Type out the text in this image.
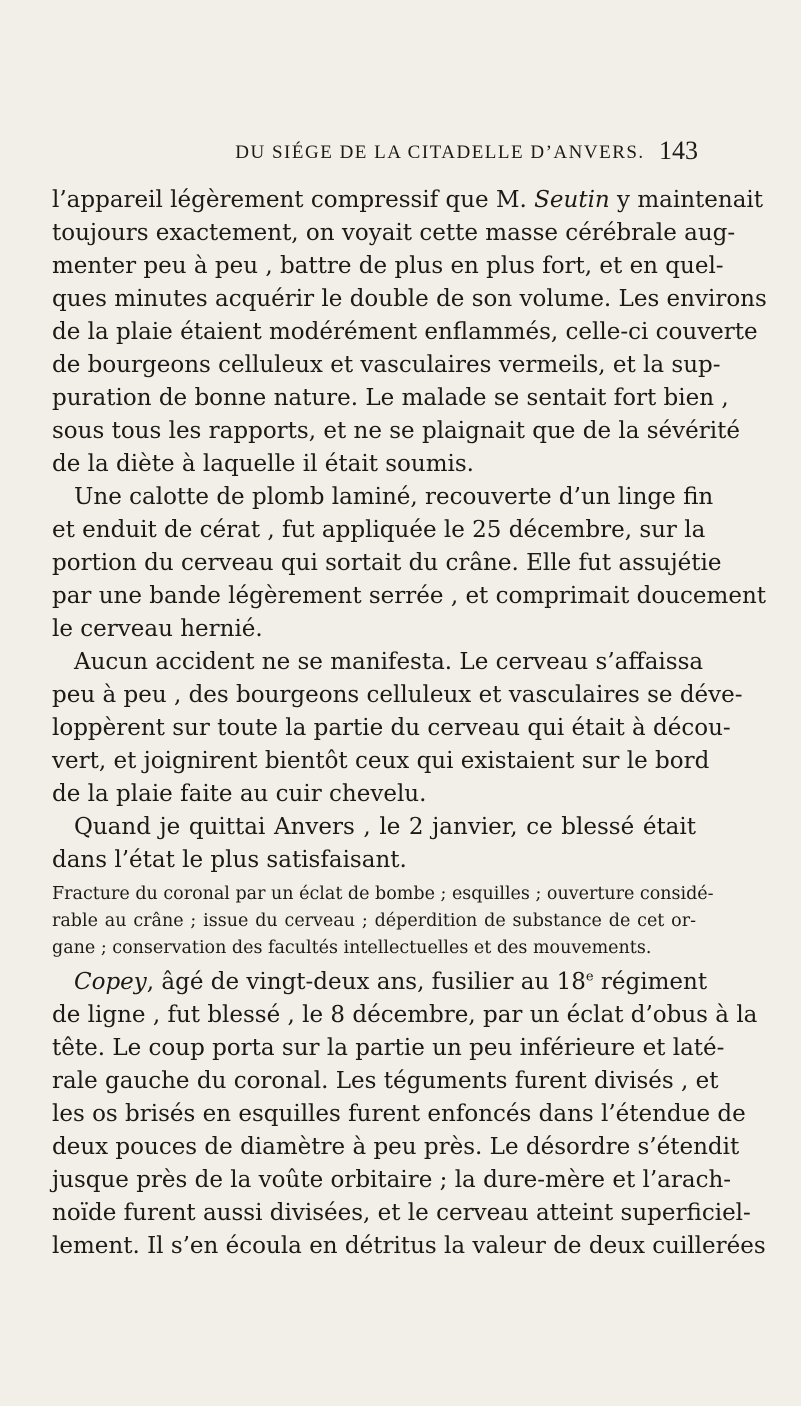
DU SIÉGE DE LA CITADELLE D’ANVERS. 143
l’appareil légèrement compressif que M. Seutin y maintenait
toujours exactement, on voyait cette masse cérébrale aug-
menter peu à peu , battre de plus en plus fort, et en quel-
ques minutes acquérir le double de son volume. Les environs
de la plaie étaient modérément enflammés, celle-ci couverte
de bourgeons celluleux et vasculaires vermeils, et la sup-
puration de bonne nature. Le malade se sentait fort bien ,
sous tous les rapports, et ne se plaignait que de la sévérité
de la diète à laquelle il était soumis.
Une calotte de plomb laminé, recouverte d’un linge fin
et enduit de cérat , fut appliquée le 25 décembre, sur la
portion du cerveau qui sortait du crâne. Elle fut assujétie
par une bande légèrement serrée , et comprimait doucement
le cerveau hernié.
Aucun accident ne se manifesta. Le cerveau s’affaissa
peu à peu , des bourgeons celluleux et vasculaires se déve-
loppèrent sur toute la partie du cerveau qui était à décou-
vert, et joignirent bientôt ceux qui existaient sur le bord
de la plaie faite au cuir chevelu.
Quand je quittai Anvers , le 2 janvier, ce blessé était
dans l’état le plus satisfaisant.
Fracture du coronal par un éclat de bombe ; esquilles ; ouverture considé-
rable au crâne ; issue du cerveau ; déperdition de substance de cet or-
gane ; conservation des facultés intellectuelles et des mouvements.
Copey, âgé de vingt-deux ans, fusilier au 18e régiment
de ligne , fut blessé , le 8 décembre, par un éclat d’obus à la
tête. Le coup porta sur la partie un peu inférieure et laté-
rale gauche du coronal. Les téguments furent divisés , et
les os brisés en esquilles furent enfoncés dans l’étendue de
deux pouces de diamètre à peu près. Le désordre s’étendit
jusque près de la voûte orbitaire ; la dure-mère et l’arach-
noïde furent aussi divisées, et le cerveau atteint superficiel-
lement. Il s’en écoula en détritus la valeur de deux cuillerées
